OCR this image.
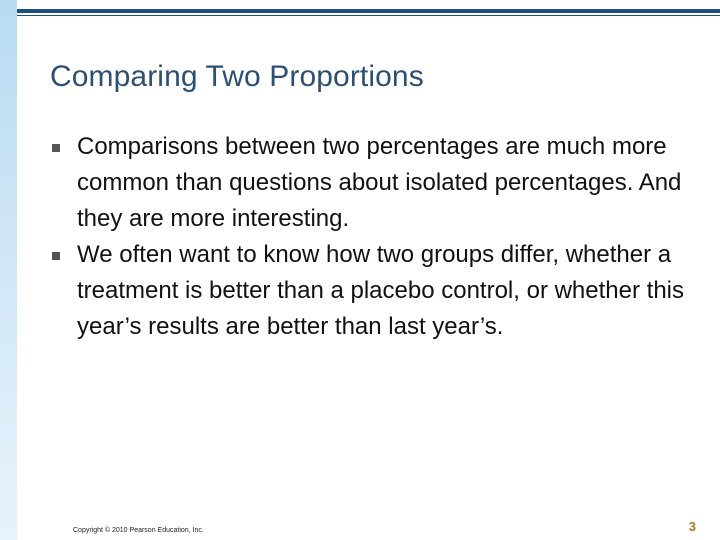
Comparing Two Proportions
Comparisons between two percentages are much more common than questions about isolated percentages. And they are more interesting.
We often want to know how two groups differ, whether a treatment is better than a placebo control, or whether this year’s results are better than last year’s.
Copyright © 2010 Pearson Education, Inc.	3
